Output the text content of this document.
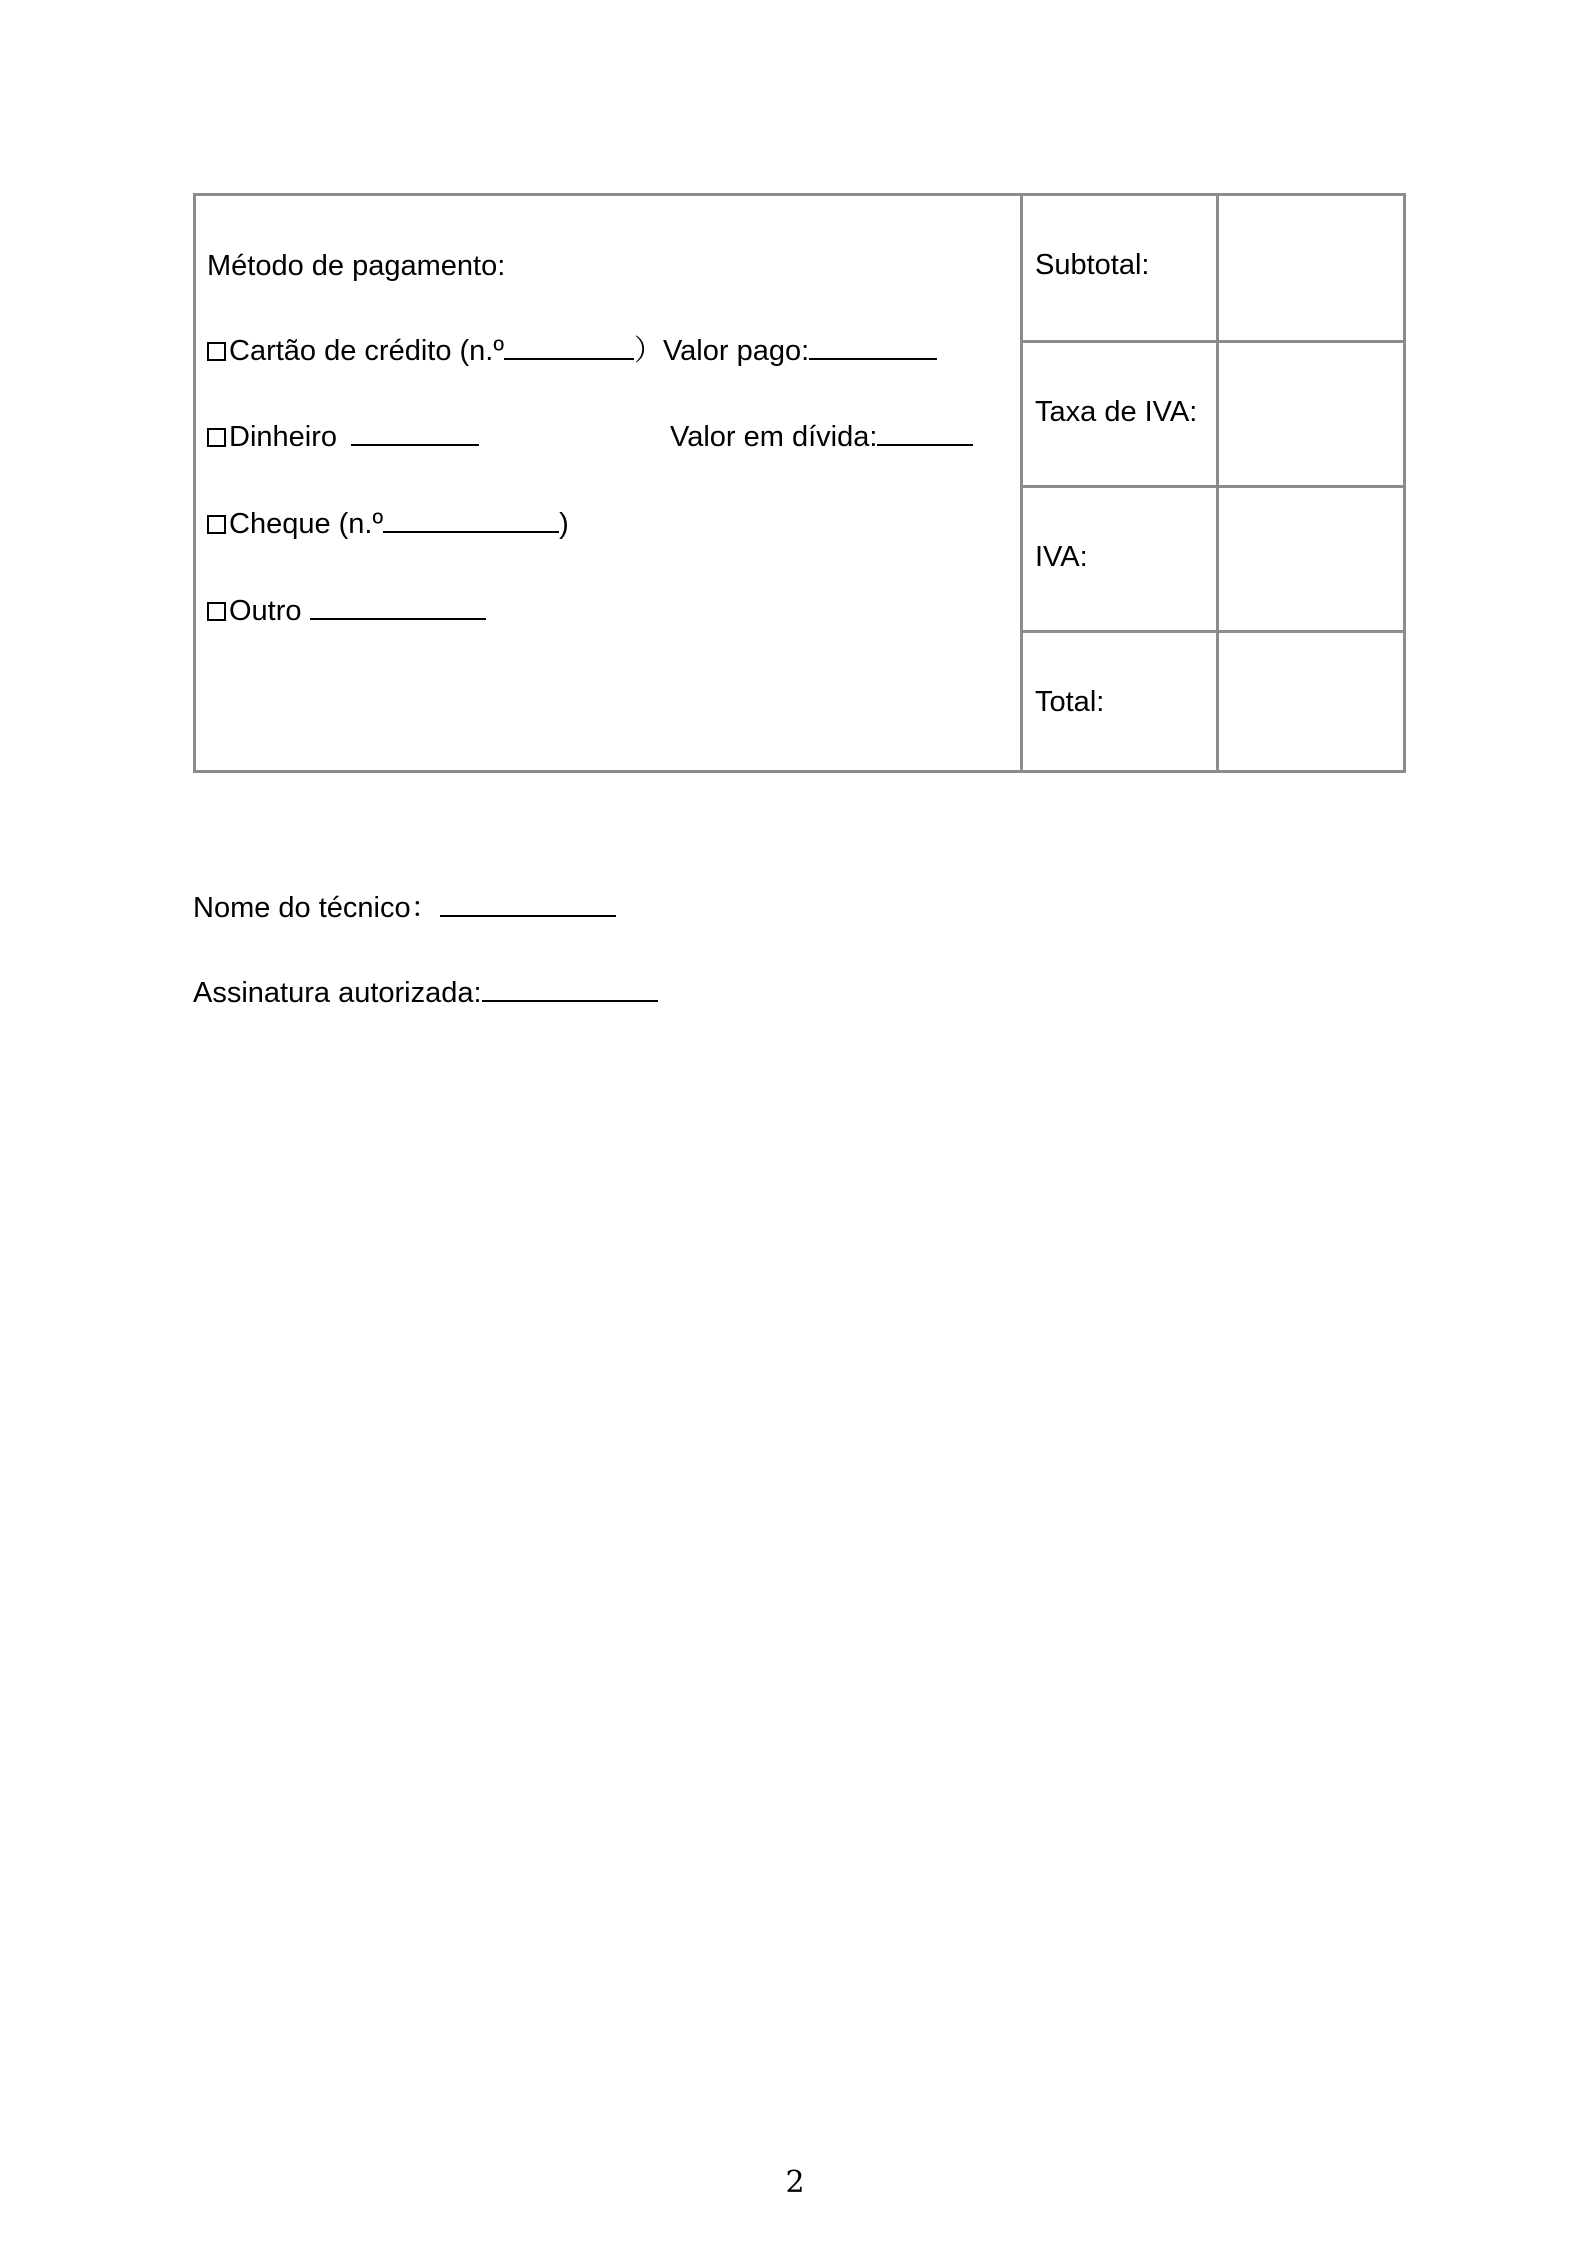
Método de pagamento:
Cartão de crédito (n.º	）Valor pago:
Dinheiro	Valor em dívida:
Cheque (n.º	)
Outro
Subtotal:
Taxa de IVA:
IVA:
Total:
Nome do técnico：
Assinatura autorizada:
2
